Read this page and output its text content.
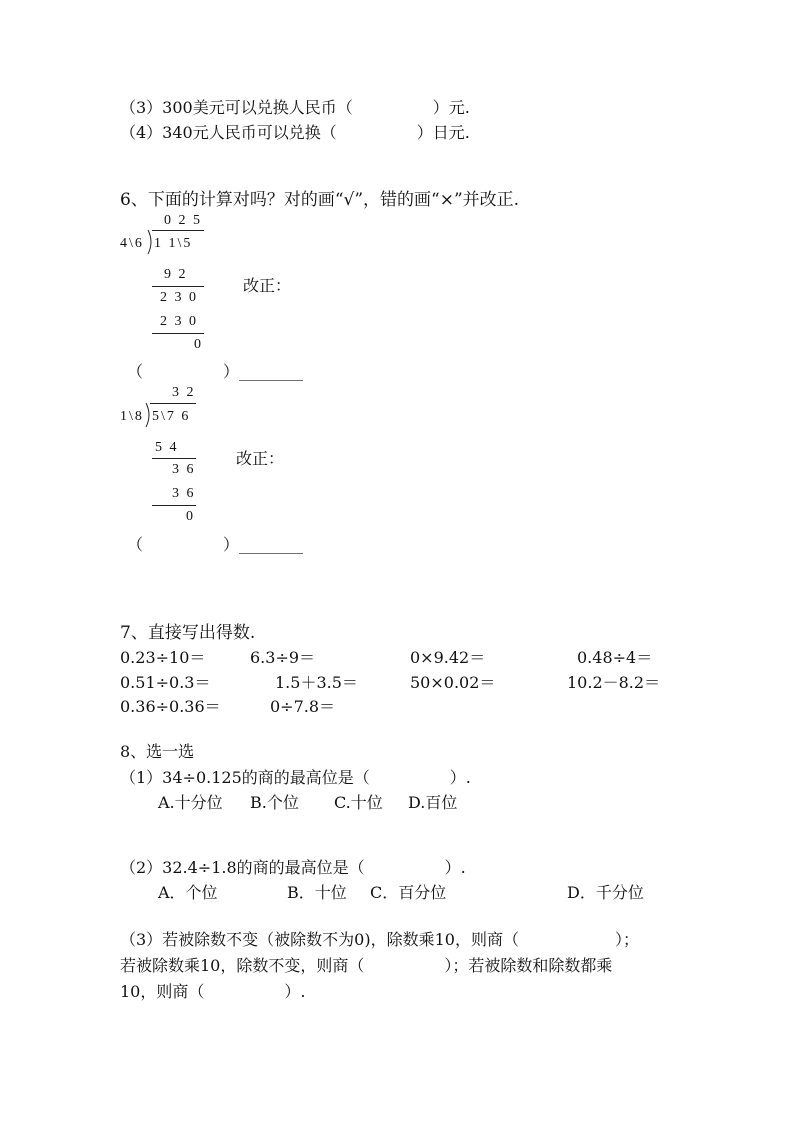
（3）300美元可以兑换人民币（　　　　　）元.
（4）340元人民币可以兑换（　　　　　）日元.
6、下面的计算对吗？对的画“√”，错的画“×”并改正.
0 2 5
4\6 1 1\5
9 2
2 3 0
2 3 0
0
改正：
（　　　　　）________
3 2
1\8 5\7 6
5 4
3 6
3 6
0
改正：
（　　　　　）________
7、直接写出得数.
0.23÷10＝	6.3÷9＝	0×9.42＝	0.48÷4＝
0.51÷0.3＝	1.5＋3.5＝	50×0.02＝	10.2－8.2＝
0.36÷0.36＝	0÷7.8＝
8、选一选
（1）34÷0.125的商的最高位是（　　　　　）.
A.十分位 B.个位 C.十位 D.百位
（2）32.4÷1.8的商的最高位是（　　　　　）.
A．个位	B．十位 C．百分位	D．千分位
（3）若被除数不变（被除数不为0)，除数乘10，则商（　　　　　　）；
若被除数乘10，除数不变，则商（　　　　　）；若被除数和除数都乘
10，则商（　　　　　）.
